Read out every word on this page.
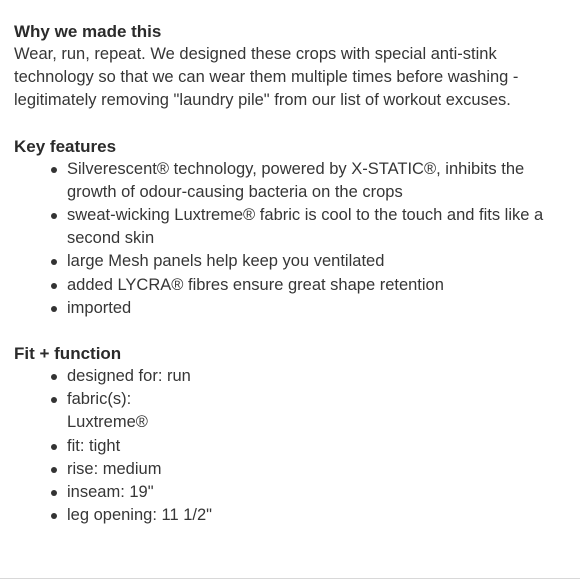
Why we made this

Wear, run, repeat. We designed these crops with special anti-stink technology so that we can wear them multiple times before washing - legitimately removing "laundry pile" from our list of workout excuses.

Key features
Silverescent® technology, powered by X-STATIC®, inhibits the growth of odour-causing bacteria on the crops
sweat-wicking Luxtreme® fabric is cool to the touch and fits like a second skin
large Mesh panels help keep you ventilated
added LYCRA® fibres ensure great shape retention
imported
Fit + function
designed for: run
fabric(s):
Luxtreme®
fit: tight
rise: medium
inseam: 19"
leg opening: 11 1/2"
